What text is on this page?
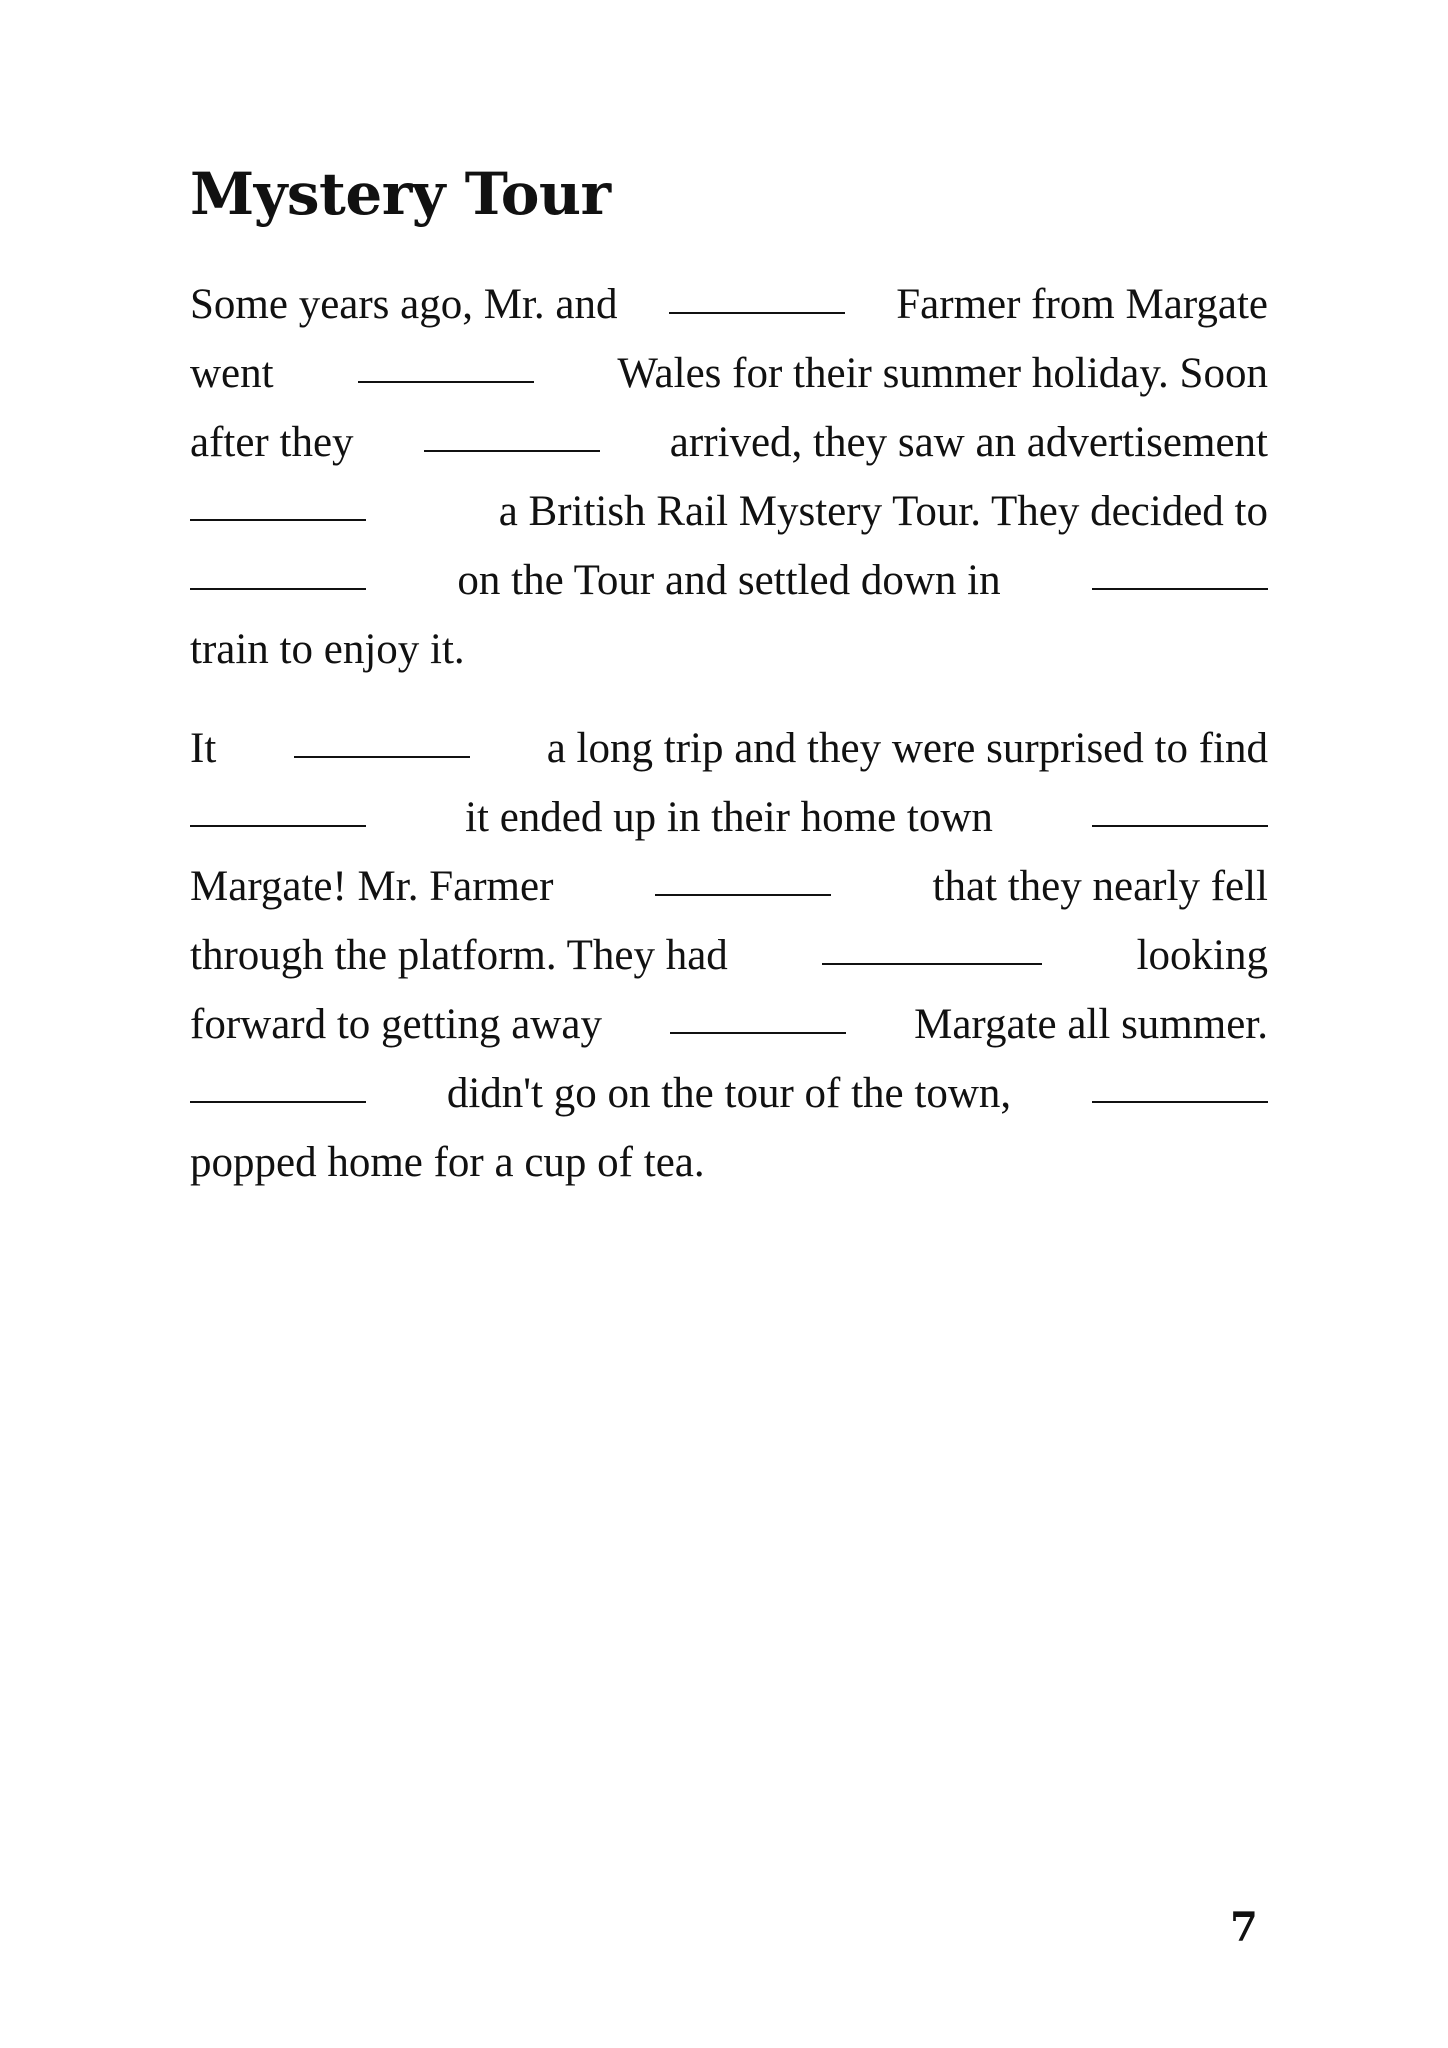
Mystery Tour
Some years ago, Mr. and	Farmer from Margate
went	Wales for their summer holiday. Soon
after they	arrived, they saw an advertisement
a British Rail Mystery Tour. They decided to
on the Tour and settled down in
train to enjoy it.
It	a long trip and they were surprised to find
it ended up in their home town
Margate! Mr. Farmer	that they nearly fell
through the platform. They had	looking
forward to getting away	Margate all summer.
didn't go on the tour of the town,
popped home for a cup of tea.
7
